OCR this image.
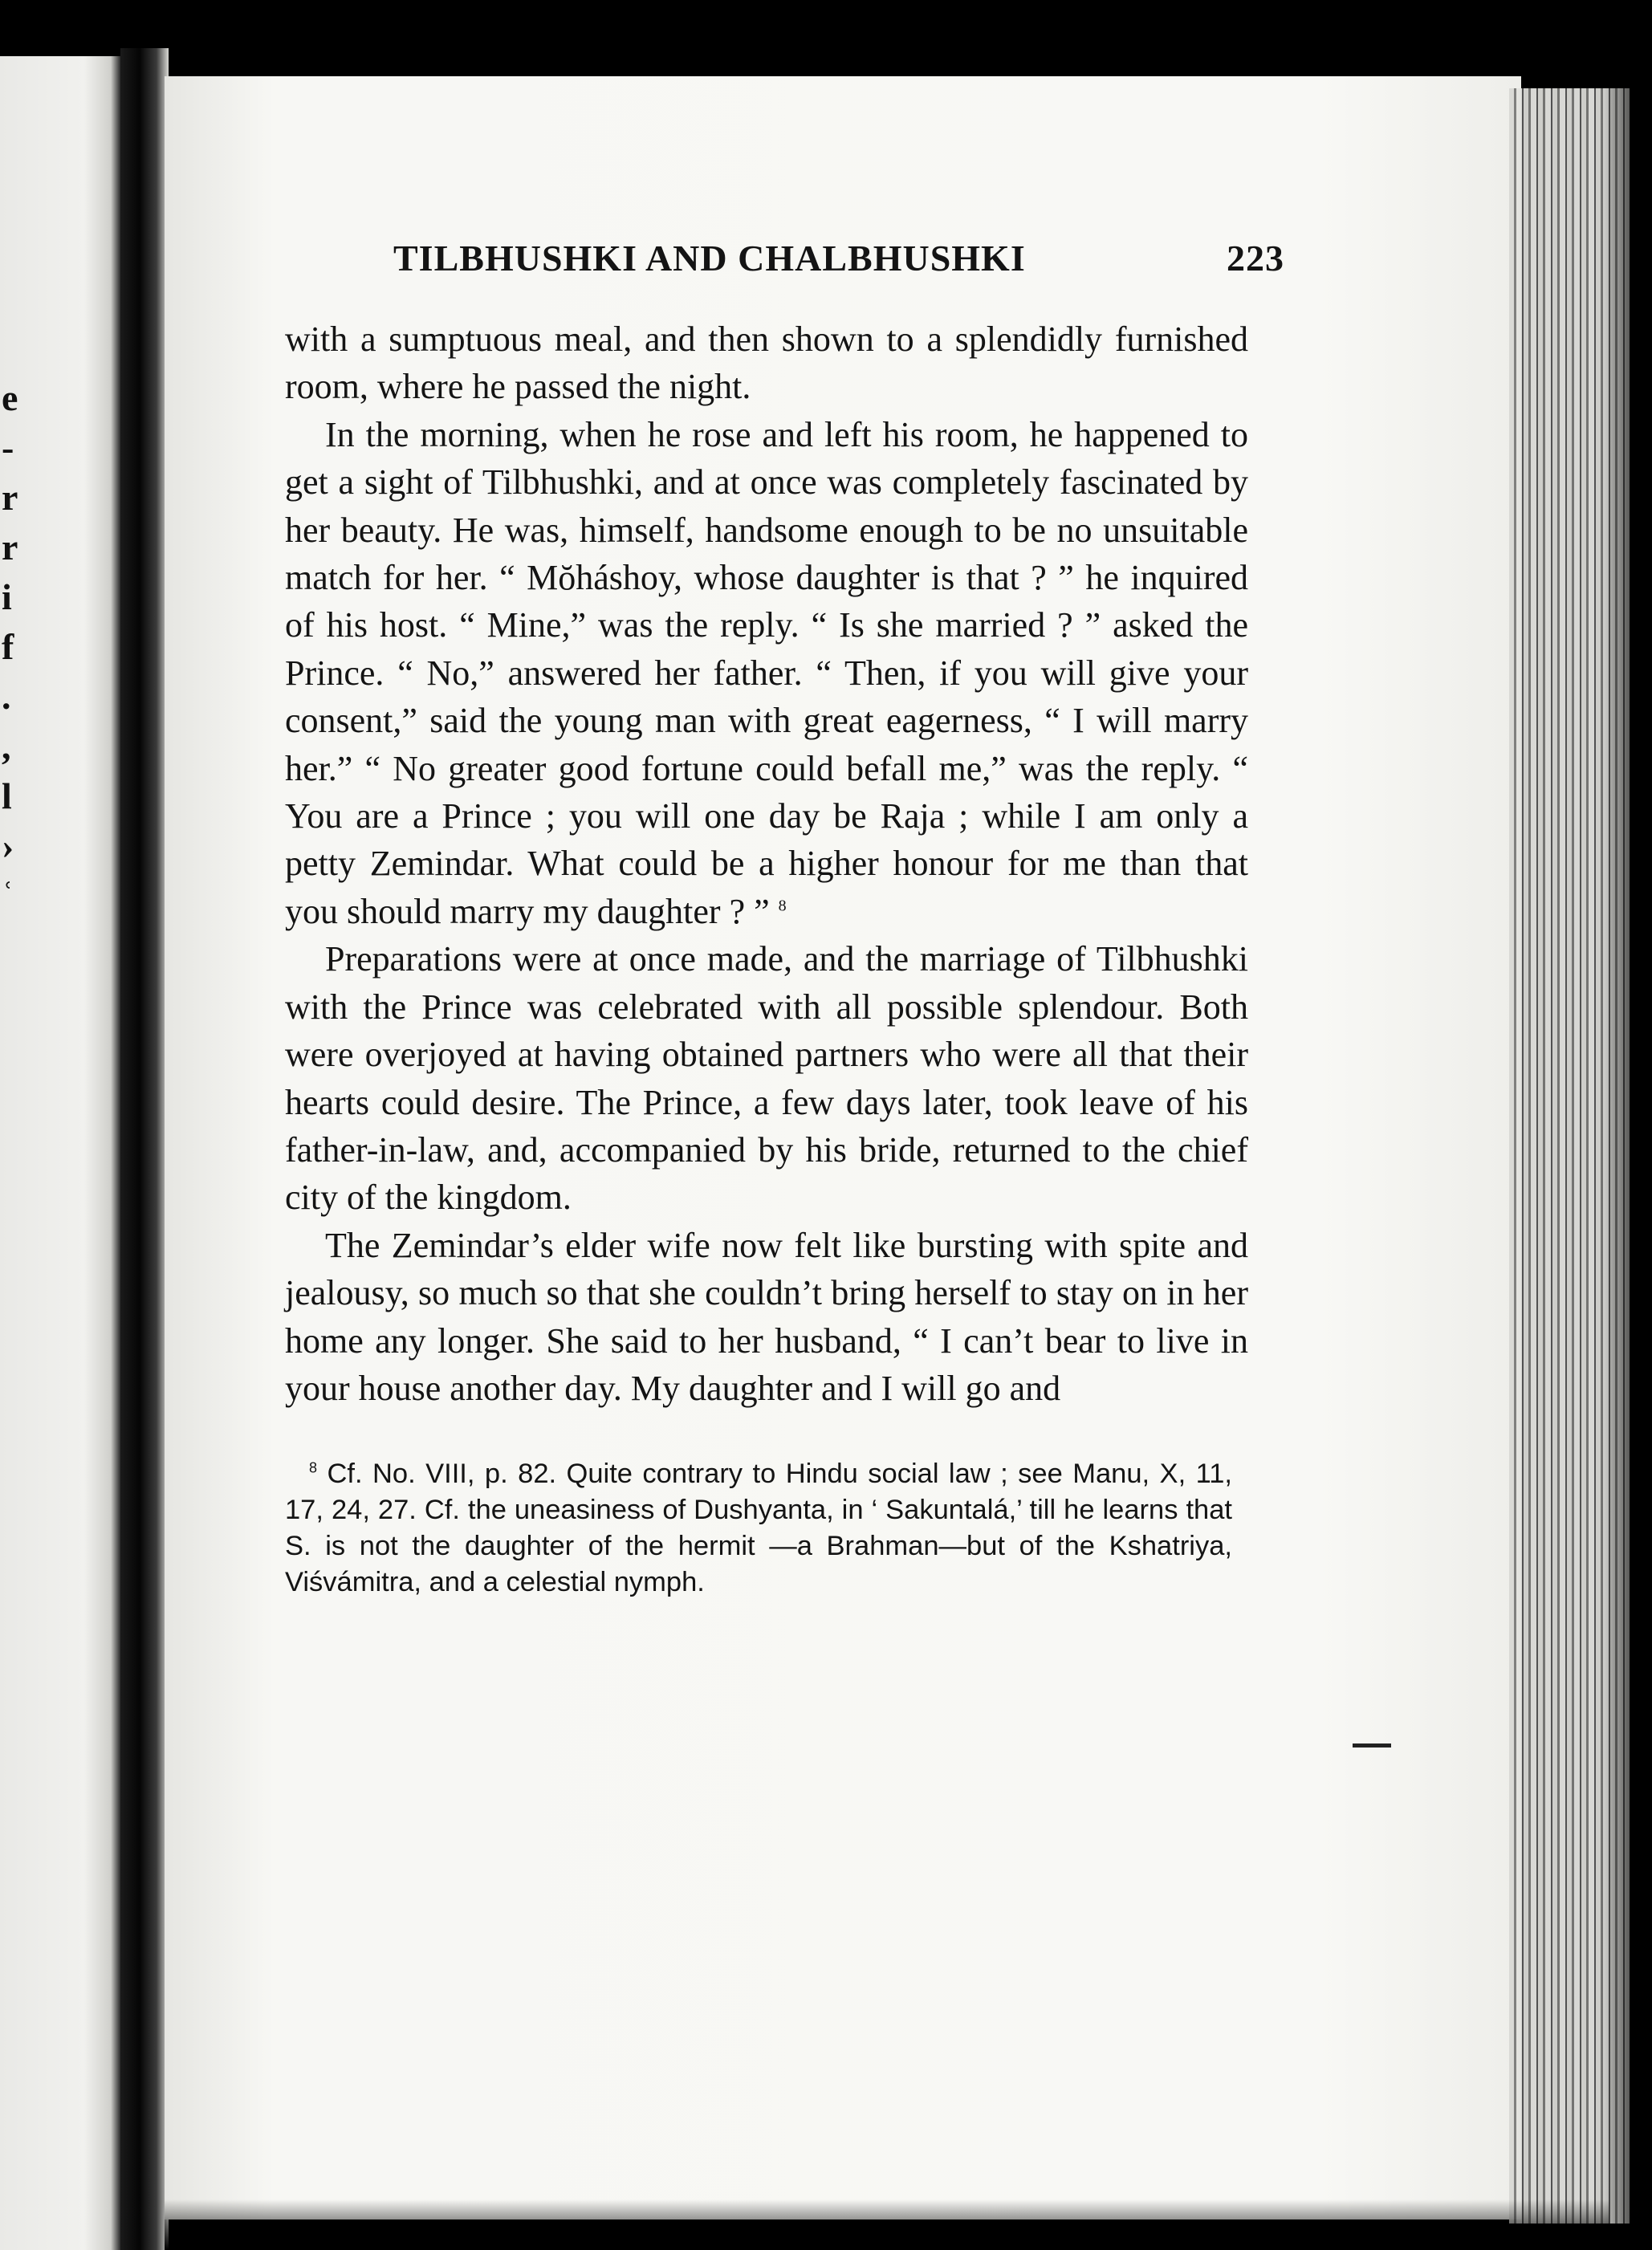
e
-
r
r
i
f
.
,
l
›
ʿ
TILBHUSHKI AND CHALBHUSHKI	223

with a sumptuous meal, and then shown to a splendidly furnished room, where he passed the night.

In the morning, when he rose and left his room, he happened to get a sight of Tilbhushki, and at once was completely fascinated by her beauty. He was, himself, handsome enough to be no unsuitable match for her. “ Mŏháshoy, whose daughter is that ? ” he inquired of his host. “ Mine,” was the reply. “ Is she married ? ” asked the Prince. “ No,” answered her father. “ Then, if you will give your consent,” said the young man with great eagerness, “ I will marry her.” “ No greater good fortune could befall me,” was the reply. “ You are a Prince ; you will one day be Raja ; while I am only a petty Zemindar. What could be a higher honour for me than that you should marry my daughter ? ” $^8$

Preparations were at once made, and the marriage of Tilbhushki with the Prince was celebrated with all possible splendour. Both were overjoyed at having obtained partners who were all that their hearts could desire. The Prince, a few days later, took leave of his father-in-law, and, accompanied by his bride, returned to the chief city of the kingdom.

The Zemindar’s elder wife now felt like bursting with spite and jealousy, so much so that she couldn’t bring herself to stay on in her home any longer. She said to her husband, “ I can’t bear to live in your house another day. My daughter and I will go and

$^8$ Cf. No. VIII, p. 82. Quite contrary to Hindu social law ; see Manu, X, 11, 17, 24, 27. Cf. the uneasiness of Dushyanta, in ‘ Sakuntalá,’ till he learns that S. is not the daughter of the hermit —a Brahman—but of the Kshatriya, Viśvámitra, and a celestial nymph.
